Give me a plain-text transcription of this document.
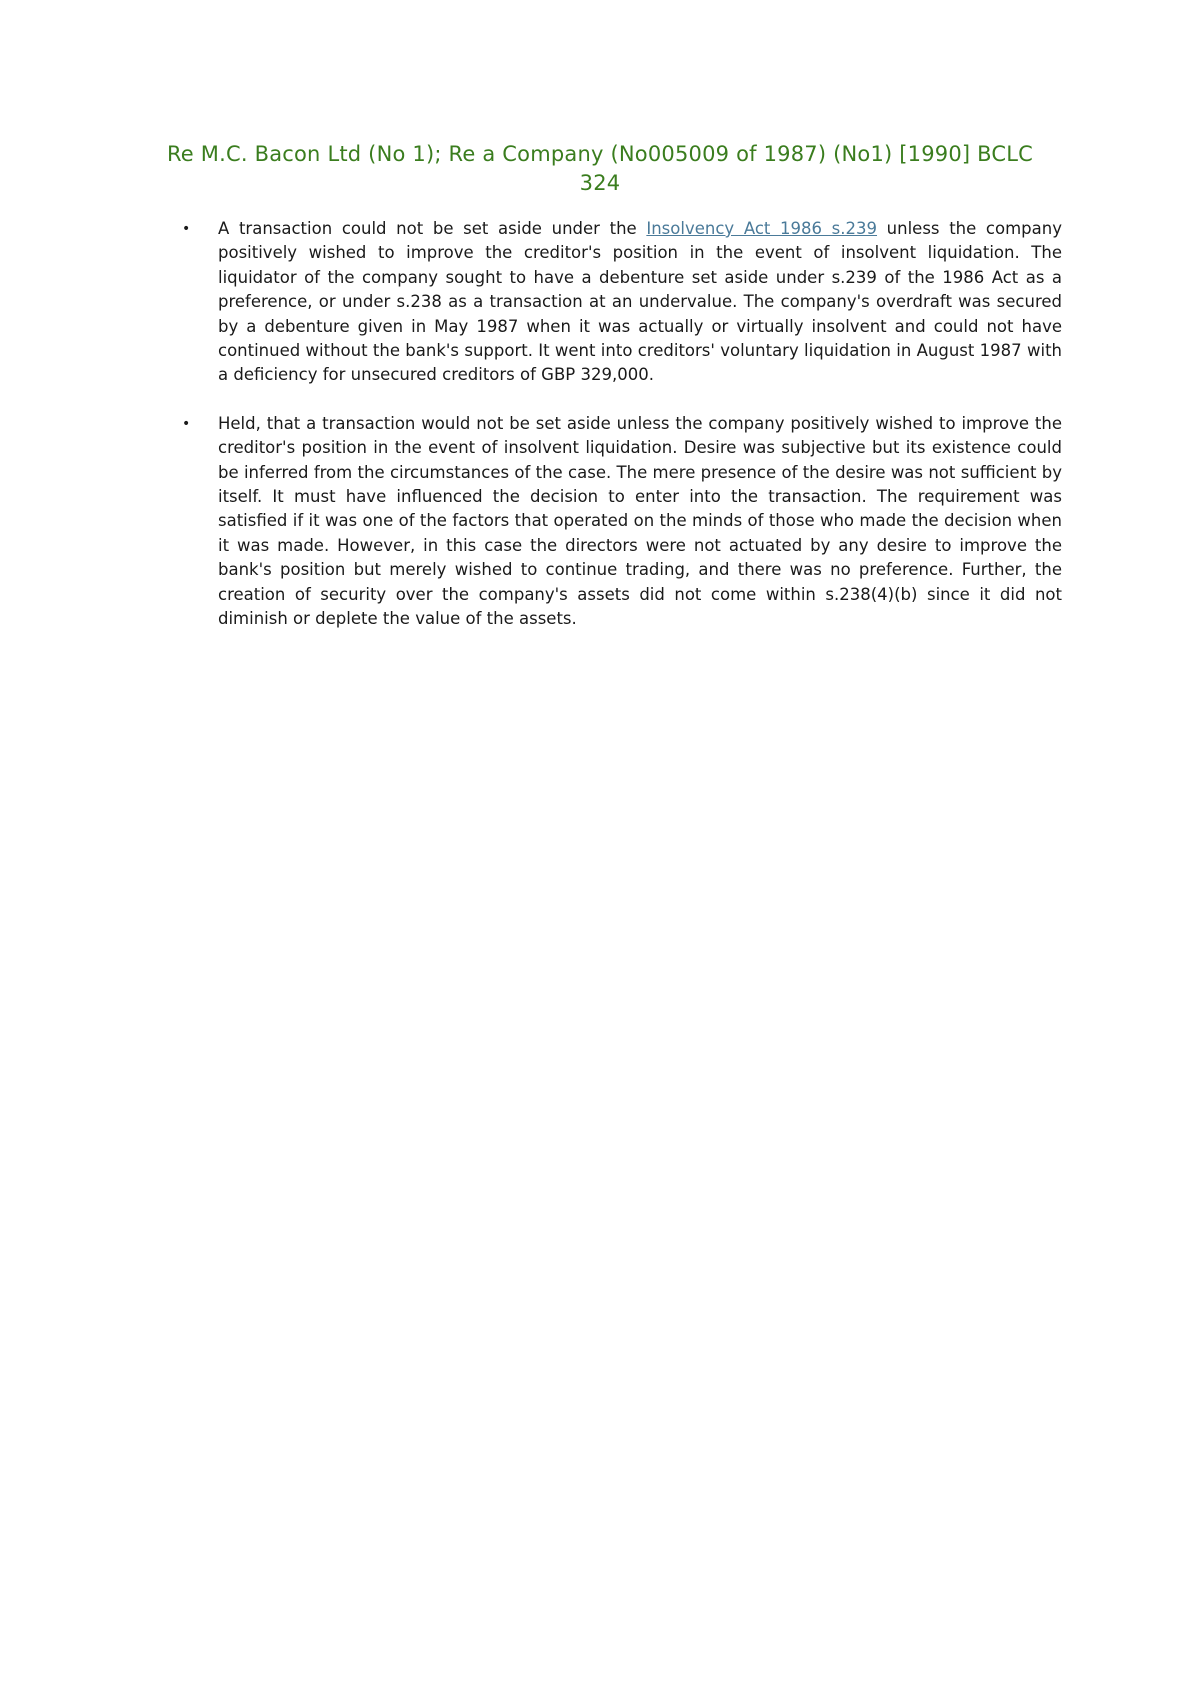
Re M.C. Bacon Ltd (No 1); Re a Company (No005009 of 1987) (No1) [1990] BCLC 324
• A transaction could not be set aside under the Insolvency Act 1986 s.239 unless the company positively wished to improve the creditor's position in the event of insolvent liquidation. The liquidator of the company sought to have a debenture set aside under s.239 of the 1986 Act as a preference, or under s.238 as a transaction at an undervalue. The company's overdraft was secured by a debenture given in May 1987 when it was actually or virtually insolvent and could not have continued without the bank's support. It went into creditors' voluntary liquidation in August 1987 with a deficiency for unsecured creditors of GBP 329,000.
• Held, that a transaction would not be set aside unless the company positively wished to improve the creditor's position in the event of insolvent liquidation. Desire was subjective but its existence could be inferred from the circumstances of the case. The mere presence of the desire was not sufficient by itself. It must have influenced the decision to enter into the transaction. The requirement was satisfied if it was one of the factors that operated on the minds of those who made the decision when it was made. However, in this case the directors were not actuated by any desire to improve the bank's position but merely wished to continue trading, and there was no preference. Further, the creation of security over the company's assets did not come within s.238(4)(b) since it did not diminish or deplete the value of the assets.
